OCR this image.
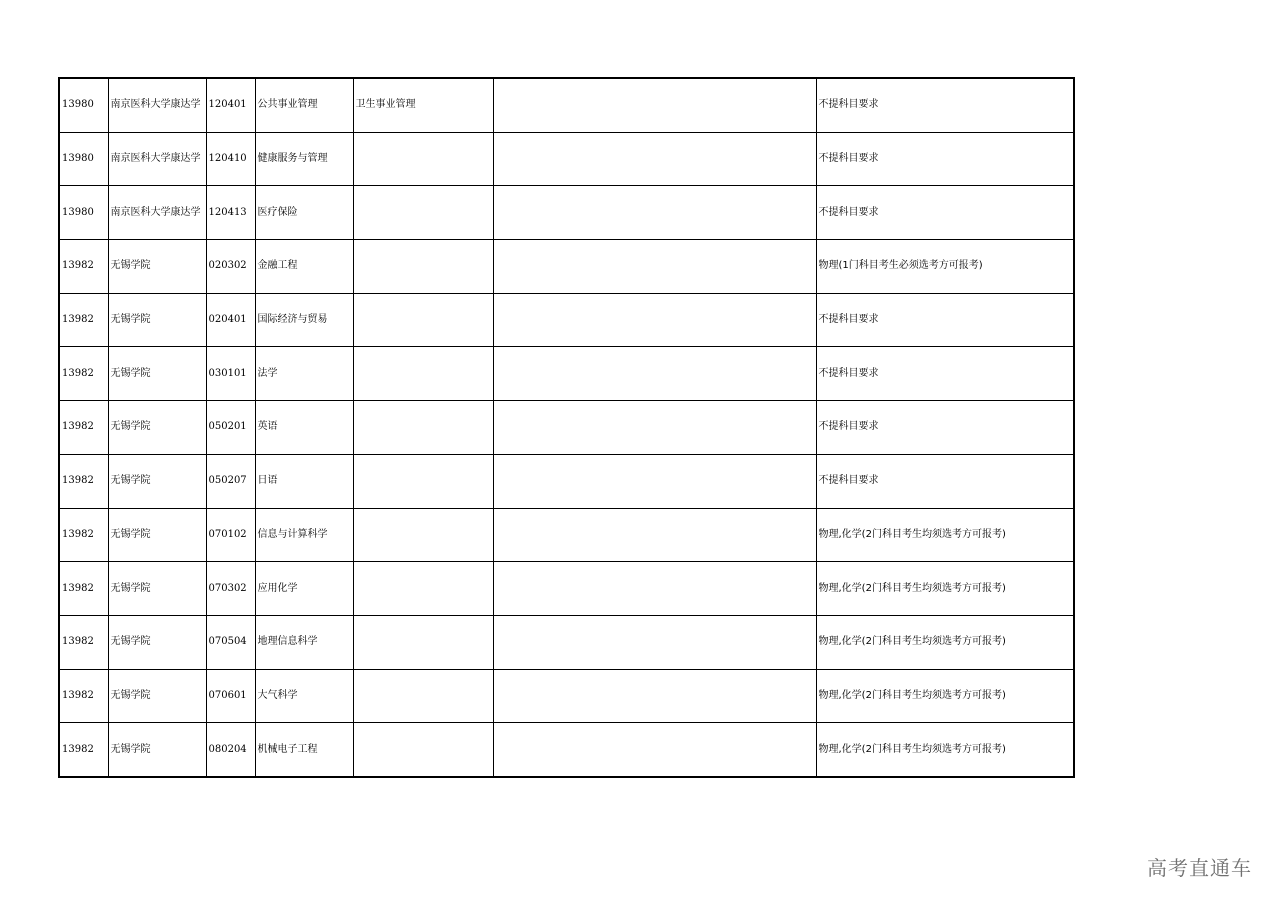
13980	南京医科大学康达学	120401	公共事业管理	卫生事业管理		不提科目要求
13980	南京医科大学康达学	120410	健康服务与管理			不提科目要求
13980	南京医科大学康达学	120413	医疗保险			不提科目要求
13982	无锡学院	020302	金融工程			物理(1门科目考生必须选考方可报考)
13982	无锡学院	020401	国际经济与贸易			不提科目要求
13982	无锡学院	030101	法学			不提科目要求
13982	无锡学院	050201	英语			不提科目要求
13982	无锡学院	050207	日语			不提科目要求
13982	无锡学院	070102	信息与计算科学			物理,化学(2门科目考生均须选考方可报考)
13982	无锡学院	070302	应用化学			物理,化学(2门科目考生均须选考方可报考)
13982	无锡学院	070504	地理信息科学			物理,化学(2门科目考生均须选考方可报考)
13982	无锡学院	070601	大气科学			物理,化学(2门科目考生均须选考方可报考)
13982	无锡学院	080204	机械电子工程			物理,化学(2门科目考生均须选考方可报考)
高考直通车
